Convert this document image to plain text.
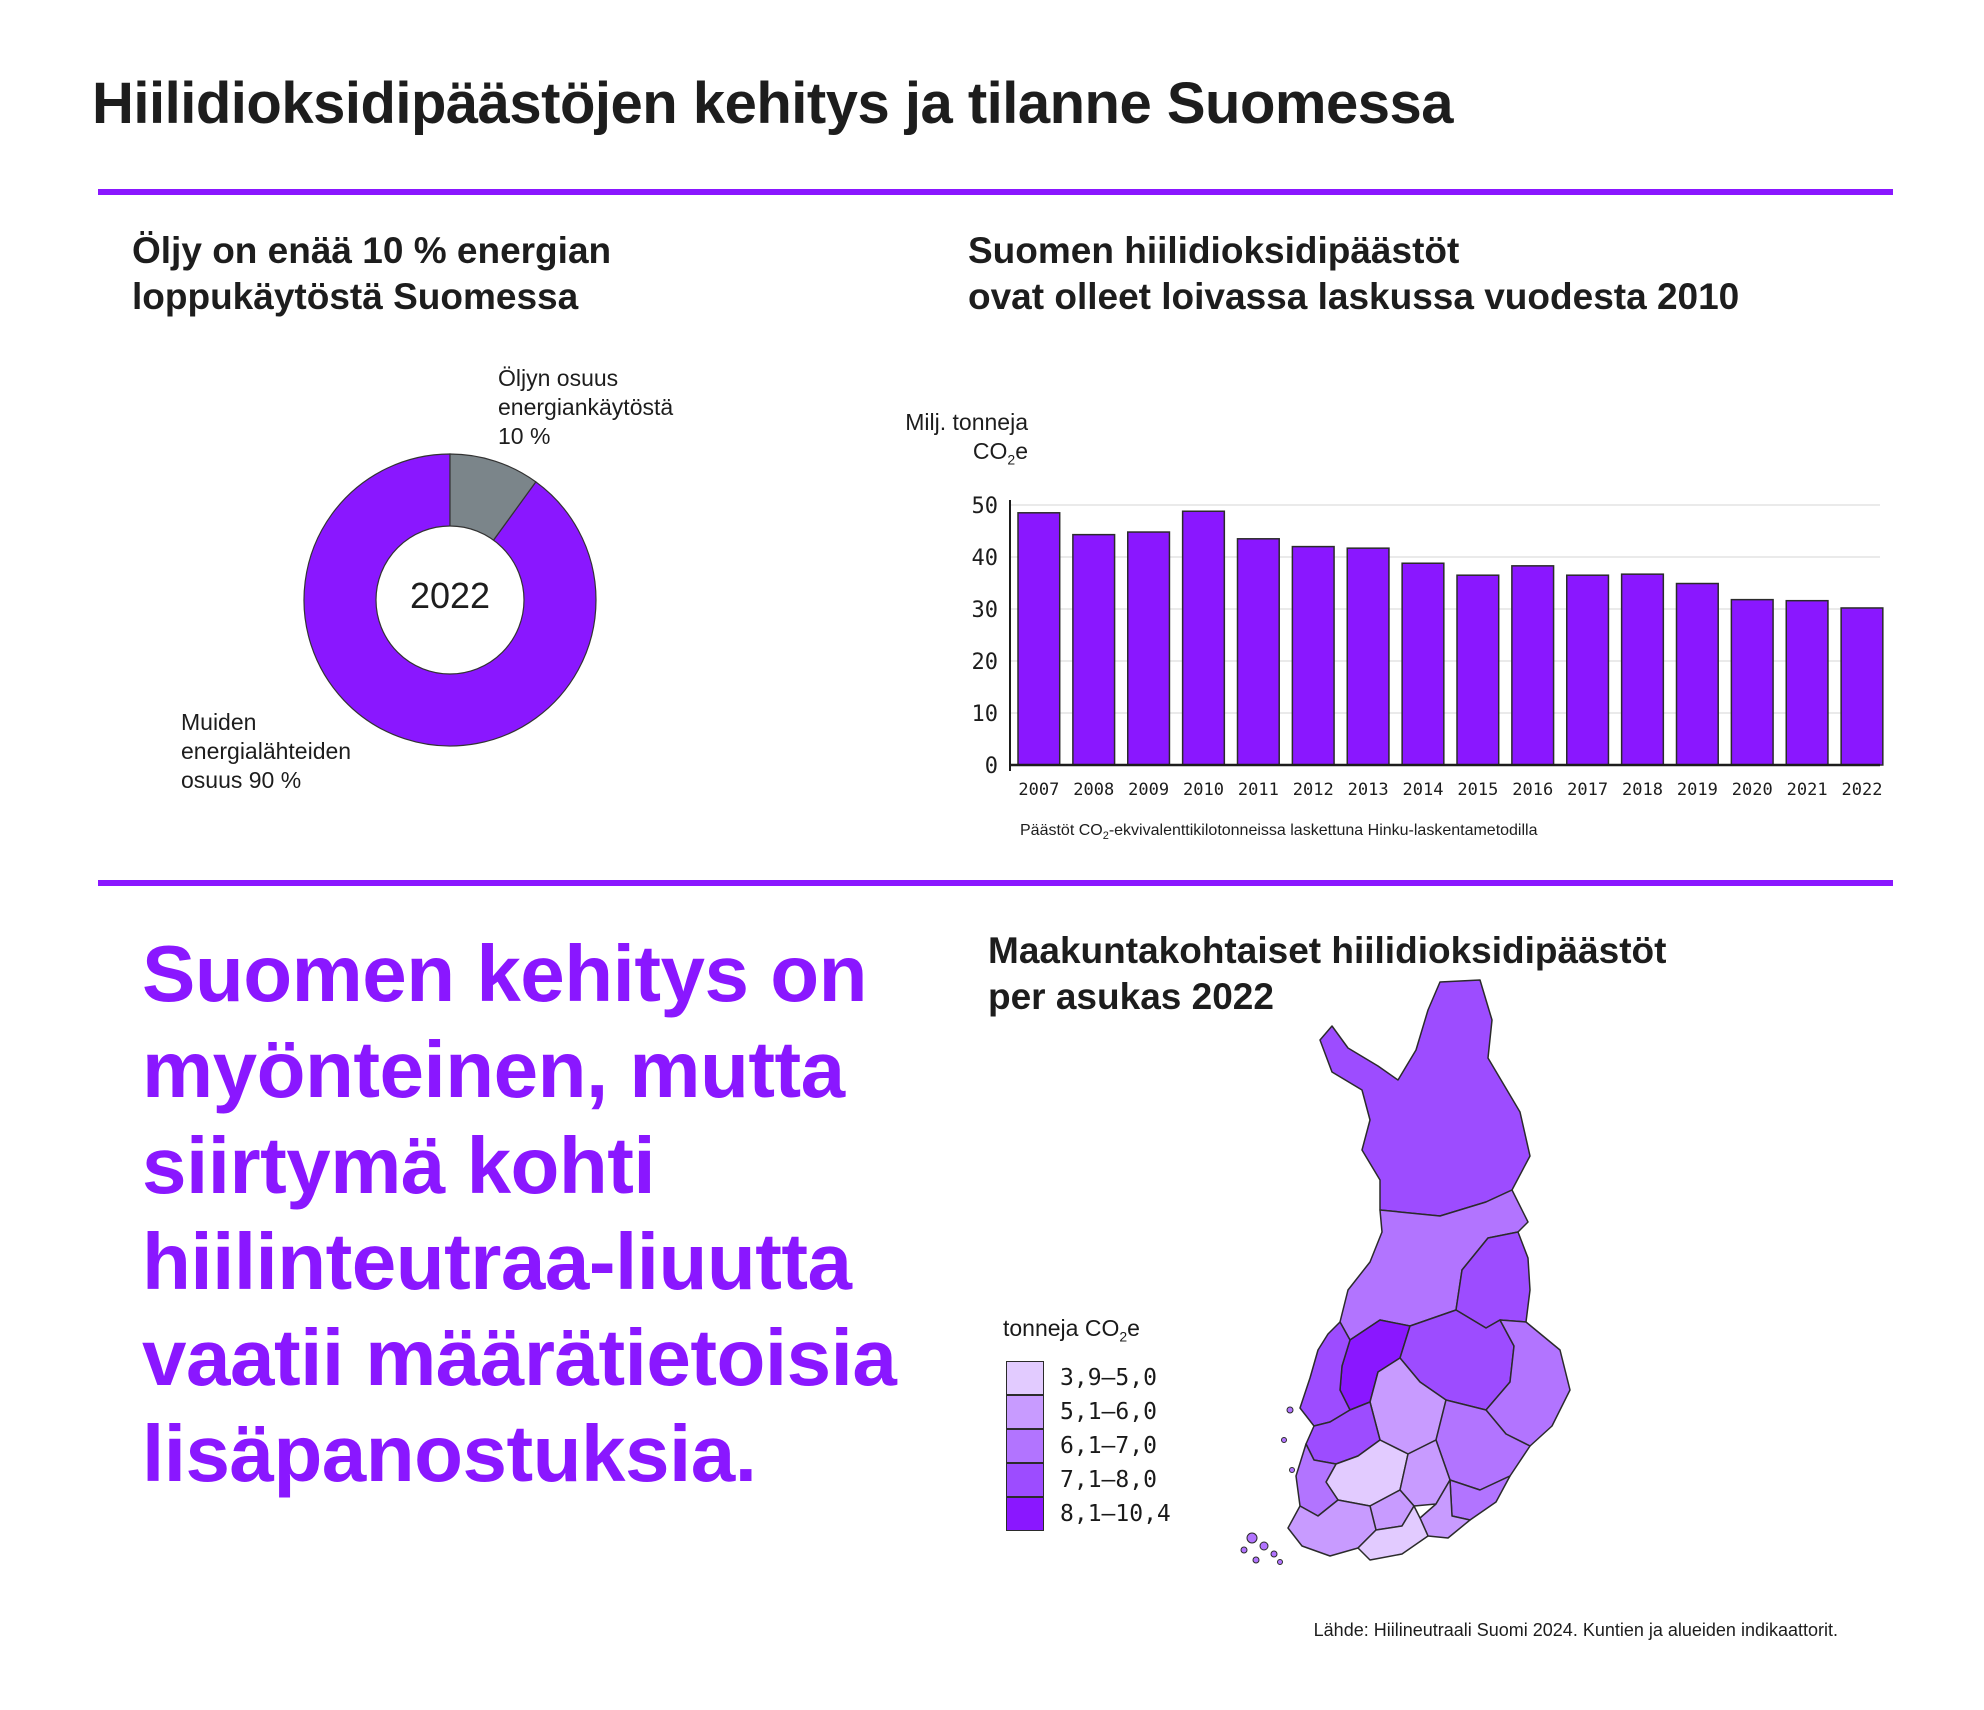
Hiilidioksidipäästöjen kehitys ja tilanne Suomessa
Öljy on enää 10 % energian
loppukäytöstä Suomessa
2022
Öljyn osuus
energiankäytöstä
10 %
Muiden
energialähteiden
osuus 90 %
Suomen hiilidioksidipäästöt
ovat olleet loivassa laskussa vuodesta 2010
Milj. tonneja
$CO_2e$
0
10
20
30
40
50
2007 2008 2009 2010 2011 2012 2013 2014 2015 2016 2017 2018 2019 2020 2021 2022
Päästöt $CO_2$-ekvivalenttikilotonneissa laskettuna Hinku-laskentametodilla
Suomen kehitys on myönteinen, mutta siirtymä kohti hiilinteutraa-liuutta vaatii määrätietoisia lisäpanostuksia.
Maakuntakohtaiset hiilidioksidipäästöt
per asukas 2022
tonneja $CO_2e$
3,9–5,0
5,1–6,0
6,1–7,0
7,1–8,0
8,1–10,4
Lähde: Hiilineutraali Suomi 2024. Kuntien ja alueiden indikaattorit.
